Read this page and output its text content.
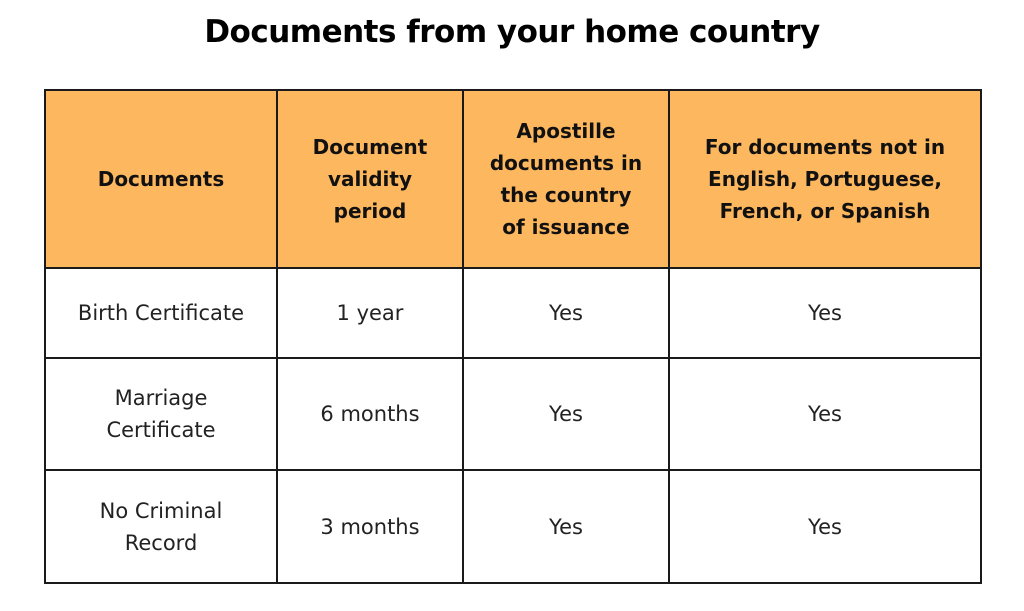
Documents from your home country
Documents	Document validity period	Apostille documents in the country of issuance	For documents not in English, Portuguese, French, or Spanish
Birth Certificate	1 year	Yes	Yes
Marriage Certificate	6 months	Yes	Yes
No Criminal Record	3 months	Yes	Yes
